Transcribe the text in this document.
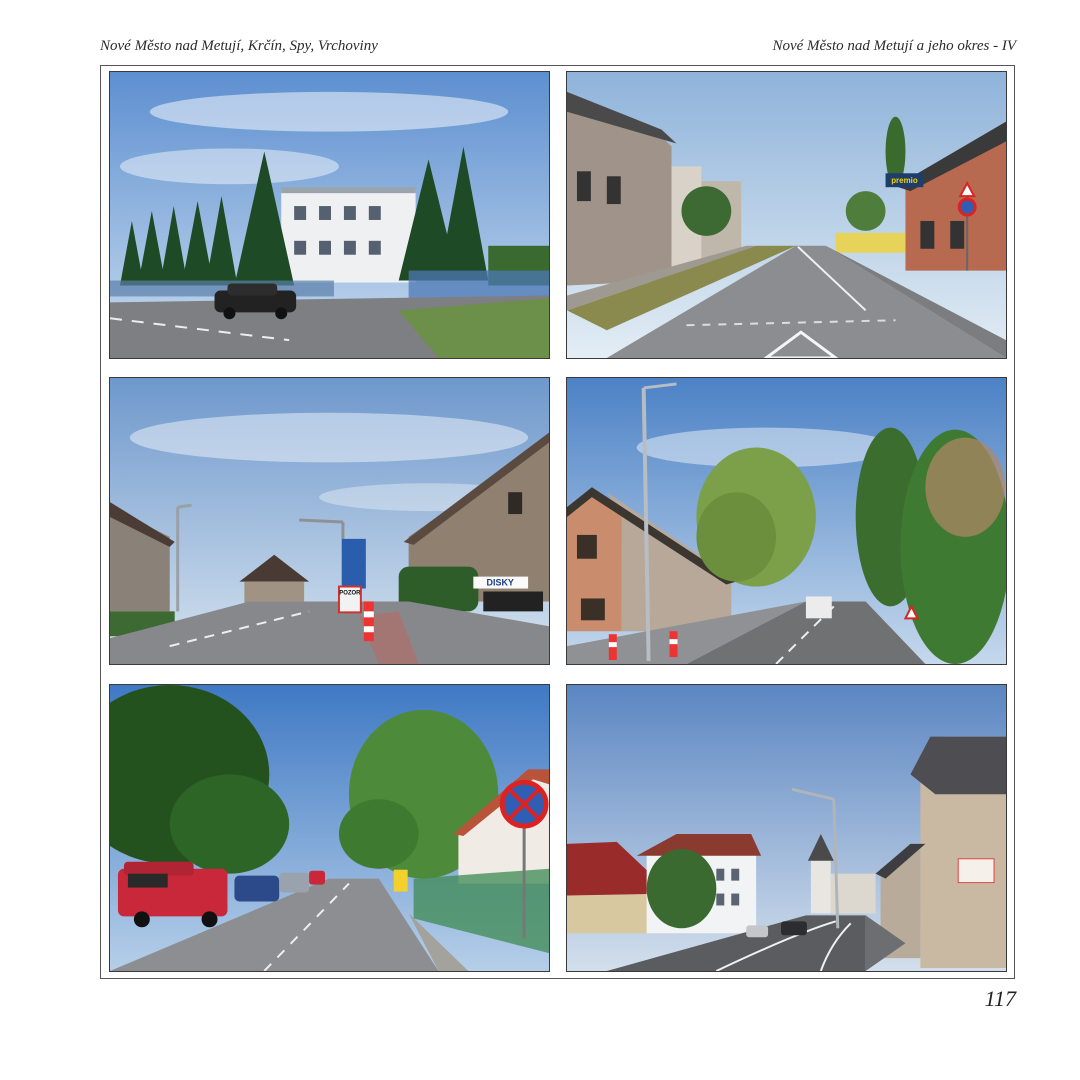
Nové Město nad Metují, Krčín, Spy, Vrchoviny	Nové Město nad Metují a jeho okres - IV
premio
POZOR
DISKY
117
